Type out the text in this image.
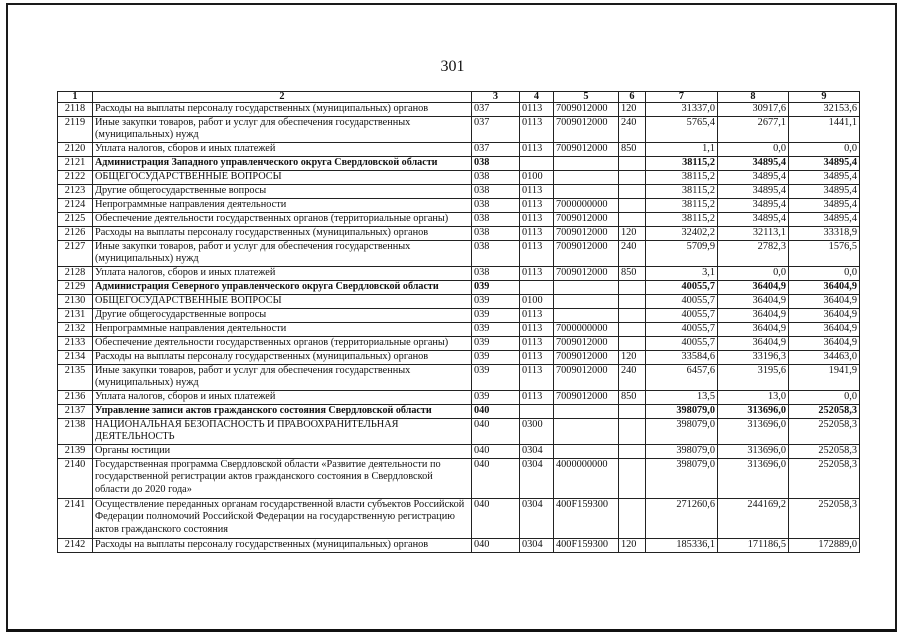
301
1	2	3	4	5	6	7	8	9
2118	Расходы на выплаты персоналу государственных (муниципальных) органов	037	0113	7009012000	120	31337,0	30917,6	32153,6
2119	Иные закупки товаров, работ и услуг для обеспечения государственных (муниципальных) нужд	037	0113	7009012000	240	5765,4	2677,1	1441,1
2120	Уплата налогов, сборов и иных платежей	037	0113	7009012000	850	1,1	0,0	0,0
2121	Администрация Западного управленческого округа Свердловской области	038				38115,2	34895,4	34895,4
2122	ОБЩЕГОСУДАРСТВЕННЫЕ ВОПРОСЫ	038	0100			38115,2	34895,4	34895,4
2123	Другие общегосударственные вопросы	038	0113			38115,2	34895,4	34895,4
2124	Непрограммные направления деятельности	038	0113	7000000000		38115,2	34895,4	34895,4
2125	Обеспечение деятельности государственных органов (территориальные органы)	038	0113	7009012000		38115,2	34895,4	34895,4
2126	Расходы на выплаты персоналу государственных (муниципальных) органов	038	0113	7009012000	120	32402,2	32113,1	33318,9
2127	Иные закупки товаров, работ и услуг для обеспечения государственных (муниципальных) нужд	038	0113	7009012000	240	5709,9	2782,3	1576,5
2128	Уплата налогов, сборов и иных платежей	038	0113	7009012000	850	3,1	0,0	0,0
2129	Администрация Северного управленческого округа Свердловской области	039				40055,7	36404,9	36404,9
2130	ОБЩЕГОСУДАРСТВЕННЫЕ ВОПРОСЫ	039	0100			40055,7	36404,9	36404,9
2131	Другие общегосударственные вопросы	039	0113			40055,7	36404,9	36404,9
2132	Непрограммные направления деятельности	039	0113	7000000000		40055,7	36404,9	36404,9
2133	Обеспечение деятельности государственных органов (территориальные органы)	039	0113	7009012000		40055,7	36404,9	36404,9
2134	Расходы на выплаты персоналу государственных (муниципальных) органов	039	0113	7009012000	120	33584,6	33196,3	34463,0
2135	Иные закупки товаров, работ и услуг для обеспечения государственных (муниципальных) нужд	039	0113	7009012000	240	6457,6	3195,6	1941,9
2136	Уплата налогов, сборов и иных платежей	039	0113	7009012000	850	13,5	13,0	0,0
2137	Управление записи актов гражданского состояния Свердловской области	040				398079,0	313696,0	252058,3
2138	НАЦИОНАЛЬНАЯ БЕЗОПАСНОСТЬ И ПРАВООХРАНИТЕЛЬНАЯ ДЕЯТЕЛЬНОСТЬ	040	0300			398079,0	313696,0	252058,3
2139	Органы юстиции	040	0304			398079,0	313696,0	252058,3
2140	Государственная программа Свердловской области «Развитие деятельности по государственной регистрации актов гражданского состояния в Свердловской области до 2020 года»	040	0304	4000000000		398079,0	313696,0	252058,3
2141	Осуществление переданных органам государственной власти субъектов Российской Федерации полномочий Российской Федерации на государственную регистрацию актов гражданского состояния	040	0304	400F159300		271260,6	244169,2	252058,3
2142	Расходы на выплаты персоналу государственных (муниципальных) органов	040	0304	400F159300	120	185336,1	171186,5	172889,0
